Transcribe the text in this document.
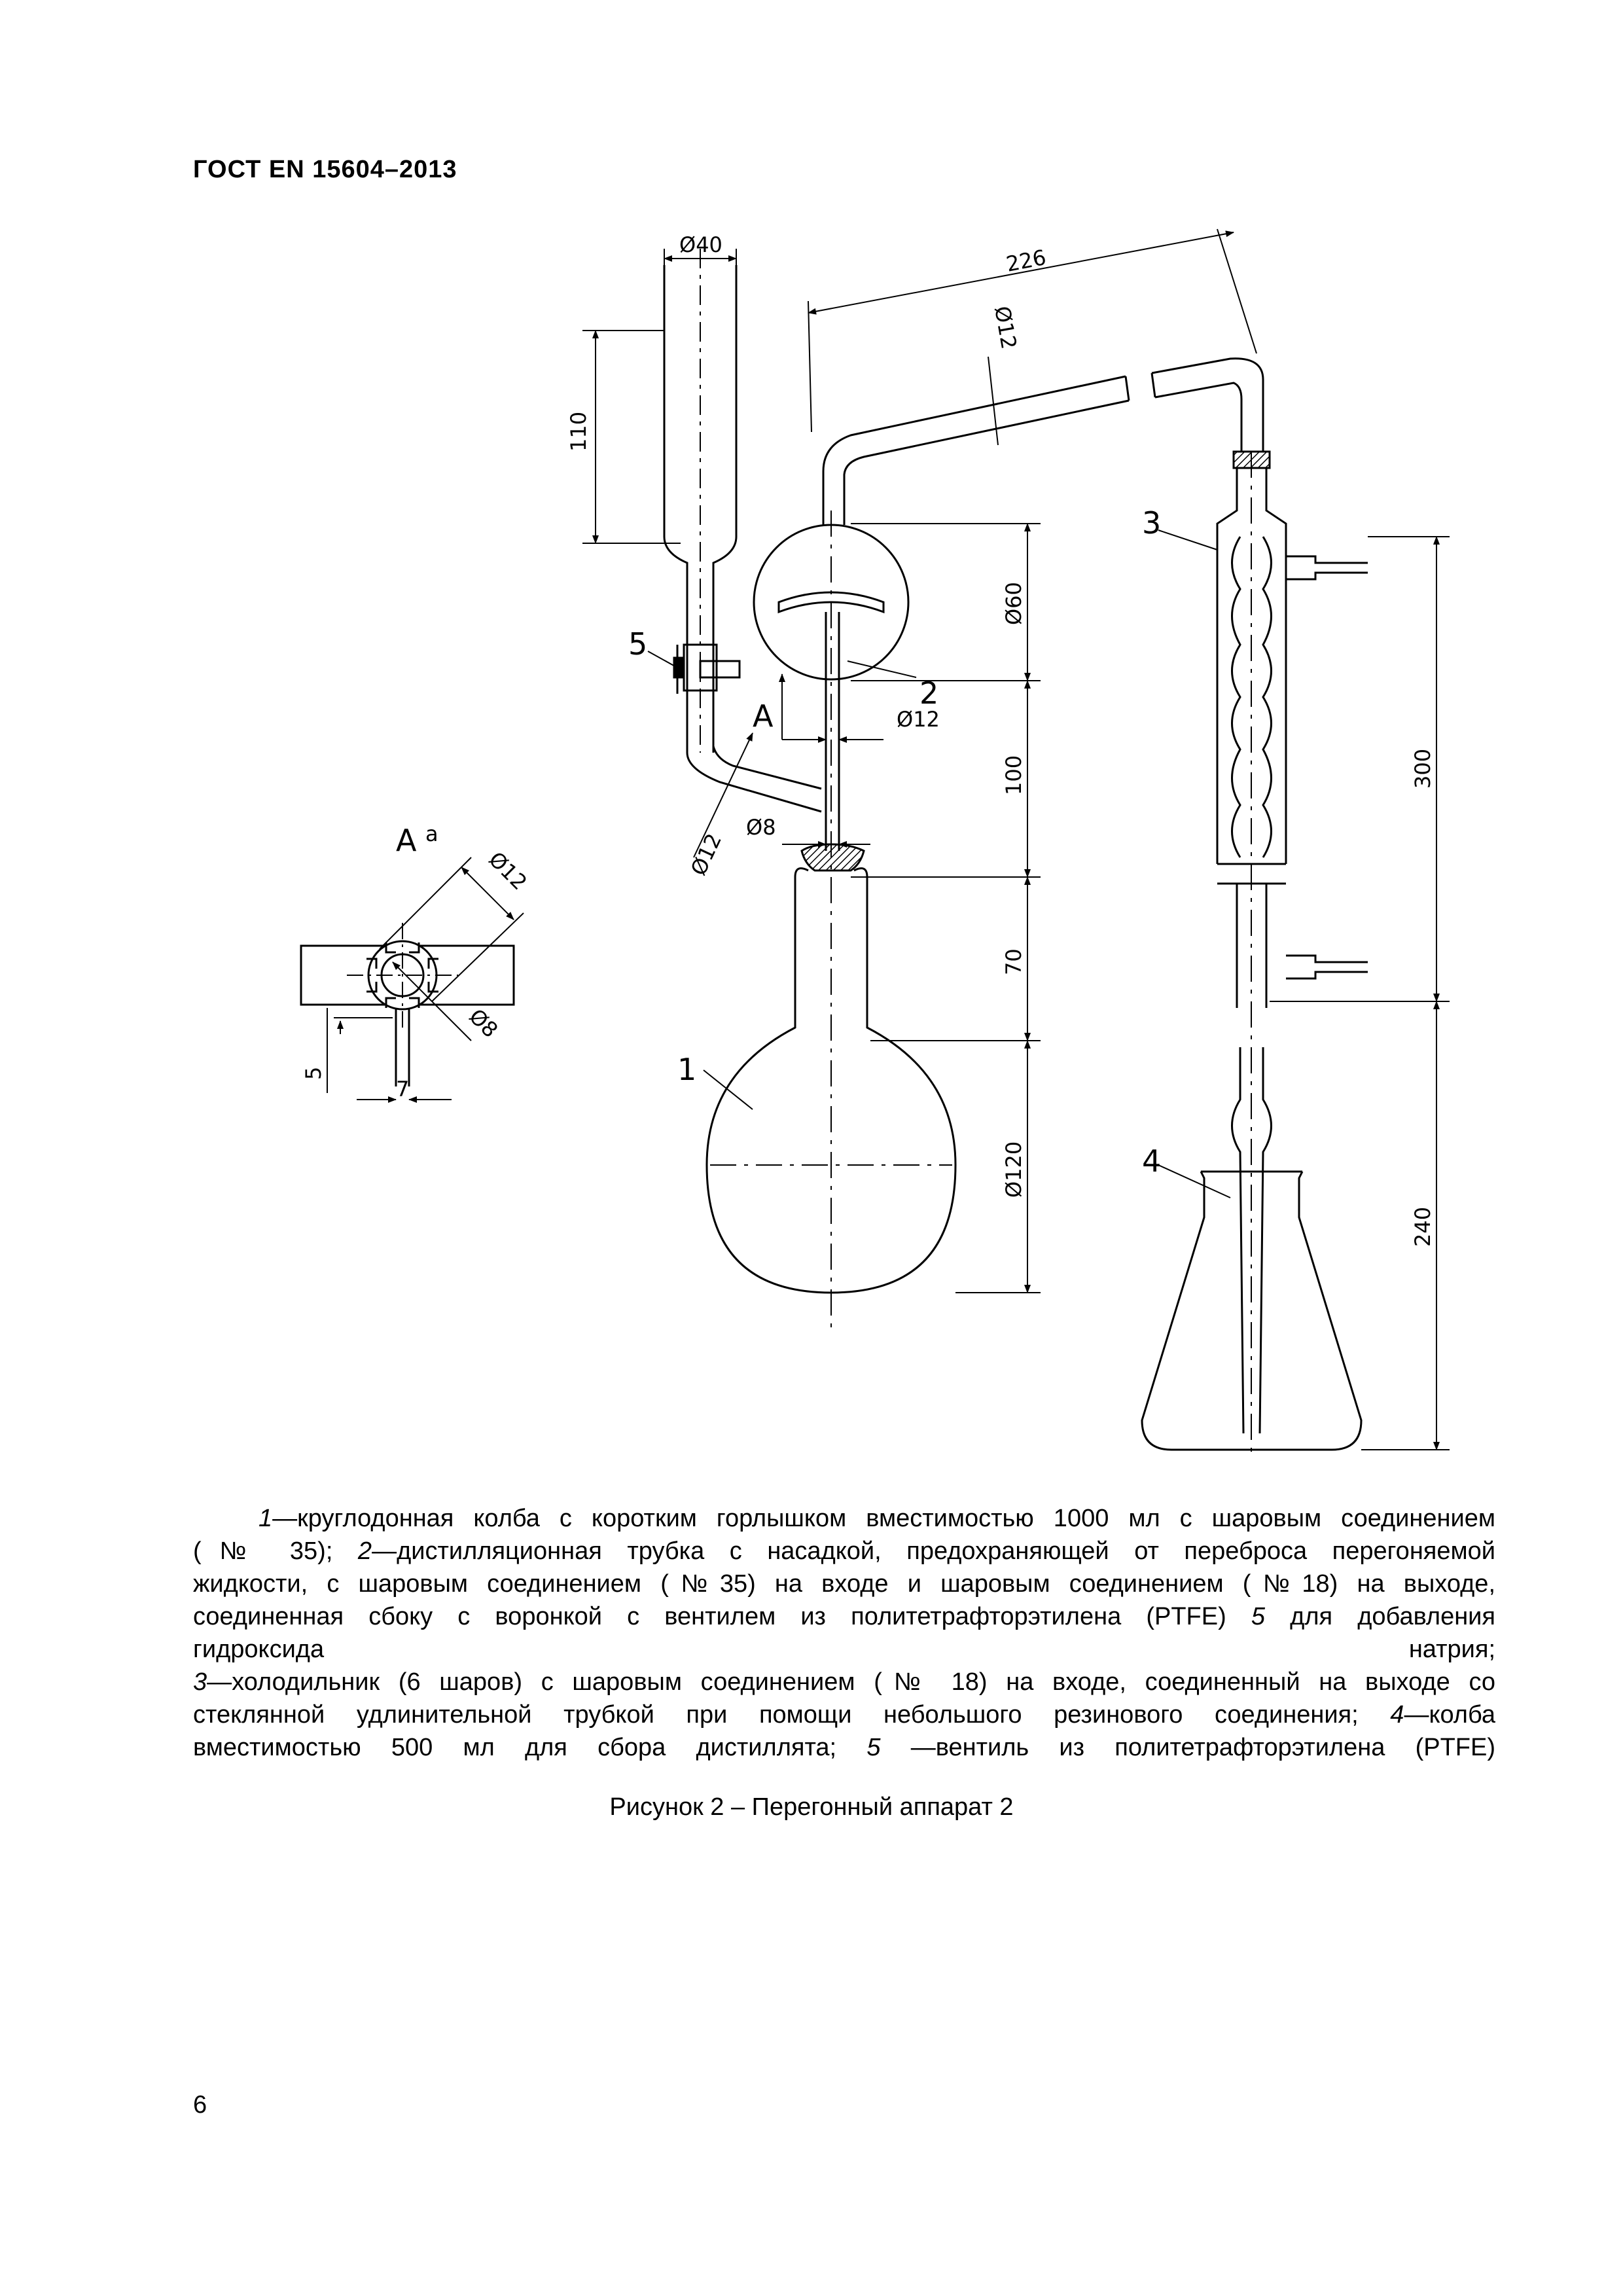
ГОСТ EN 15604–2013
Ø40
110
226
Ø12
Ø60
Ø12
100
Ø12
Ø8
70
Ø120
300
240
Ø12
Ø8
5
7
1
2
3
4
5
A
A a
1—круглодонная колба с коротким горлышком вместимостью 1000 мл с шаровым соединением
(№ 35); 2—дистилляционная трубка с насадкой, предохраняющей от переброса перегоняемой
жидкости, с шаровым соединением (№35) на входе и шаровым соединением (№18) на выходе,
соединенная сбоку с воронкой с вентилем из политетрафторэтилена (PTFE) 5 для добавления
гидроксида	натрия;
3—холодильник (6 шаров) с шаровым соединением (№ 18) на входе, соединенный на выходе со
стеклянной удлинительной трубкой при помощи небольшого резинового соединения; 4—колба
вместимостью 500 мл для сбора дистиллята; 5 —вентиль из политетрафторэтилена (PTFE)
Рисунок 2 – Перегонный аппарат 2
6
